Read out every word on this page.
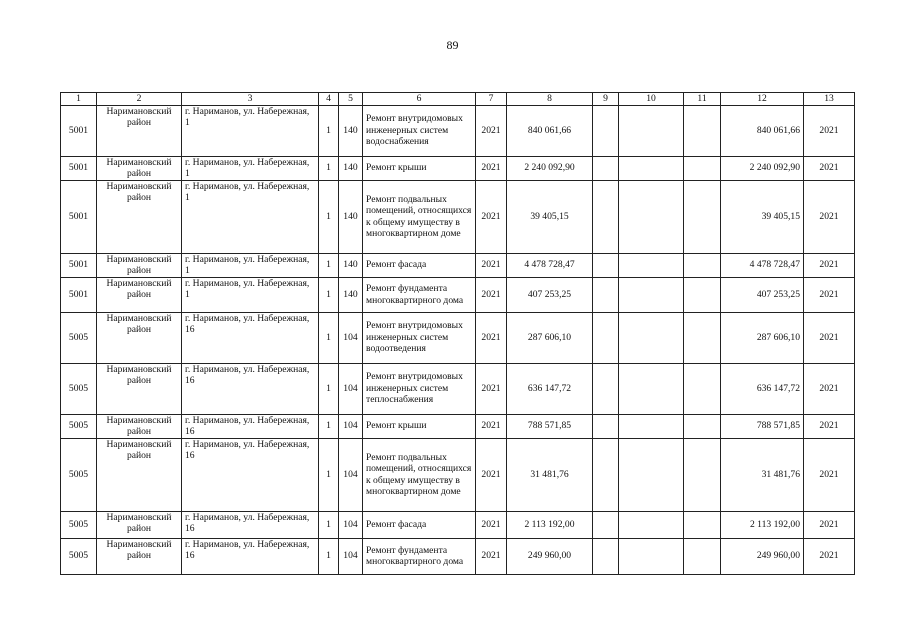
89
1	2	3	4	5	6	7	8	9	10	11	12	13
5001	Наримановский район	г. Нариманов, ул. Набережная, 1	1	140	Ремонт внутридомовых инженерных систем водоснабжения	2021	840 061,66				840 061,66	2021
5001	Наримановский район	г. Нариманов, ул. Набережная, 1	1	140	Ремонт крыши	2021	2 240 092,90				2 240 092,90	2021
5001	Наримановский район	г. Нариманов, ул. Набережная, 1	1	140	Ремонт подвальных помещений, относящихся к общему имуществу в многоквартирном доме	2021	39 405,15				39 405,15	2021
5001	Наримановский район	г. Нариманов, ул. Набережная, 1	1	140	Ремонт фасада	2021	4 478 728,47				4 478 728,47	2021
5001	Наримановский район	г. Нариманов, ул. Набережная, 1	1	140	Ремонт фундамента многоквартирного дома	2021	407 253,25				407 253,25	2021
5005	Наримановский район	г. Нариманов, ул. Набережная, 16	1	104	Ремонт внутридомовых инженерных систем водоотведения	2021	287 606,10				287 606,10	2021
5005	Наримановский район	г. Нариманов, ул. Набережная, 16	1	104	Ремонт внутридомовых инженерных систем теплоснабжения	2021	636 147,72				636 147,72	2021
5005	Наримановский район	г. Нариманов, ул. Набережная, 16	1	104	Ремонт крыши	2021	788 571,85				788 571,85	2021
5005	Наримановский район	г. Нариманов, ул. Набережная, 16	1	104	Ремонт подвальных помещений, относящихся к общему имуществу в многоквартирном доме	2021	31 481,76				31 481,76	2021
5005	Наримановский район	г. Нариманов, ул. Набережная, 16	1	104	Ремонт фасада	2021	2 113 192,00				2 113 192,00	2021
5005	Наримановский район	г. Нариманов, ул. Набережная, 16	1	104	Ремонт фундамента многоквартирного дома	2021	249 960,00				249 960,00	2021
